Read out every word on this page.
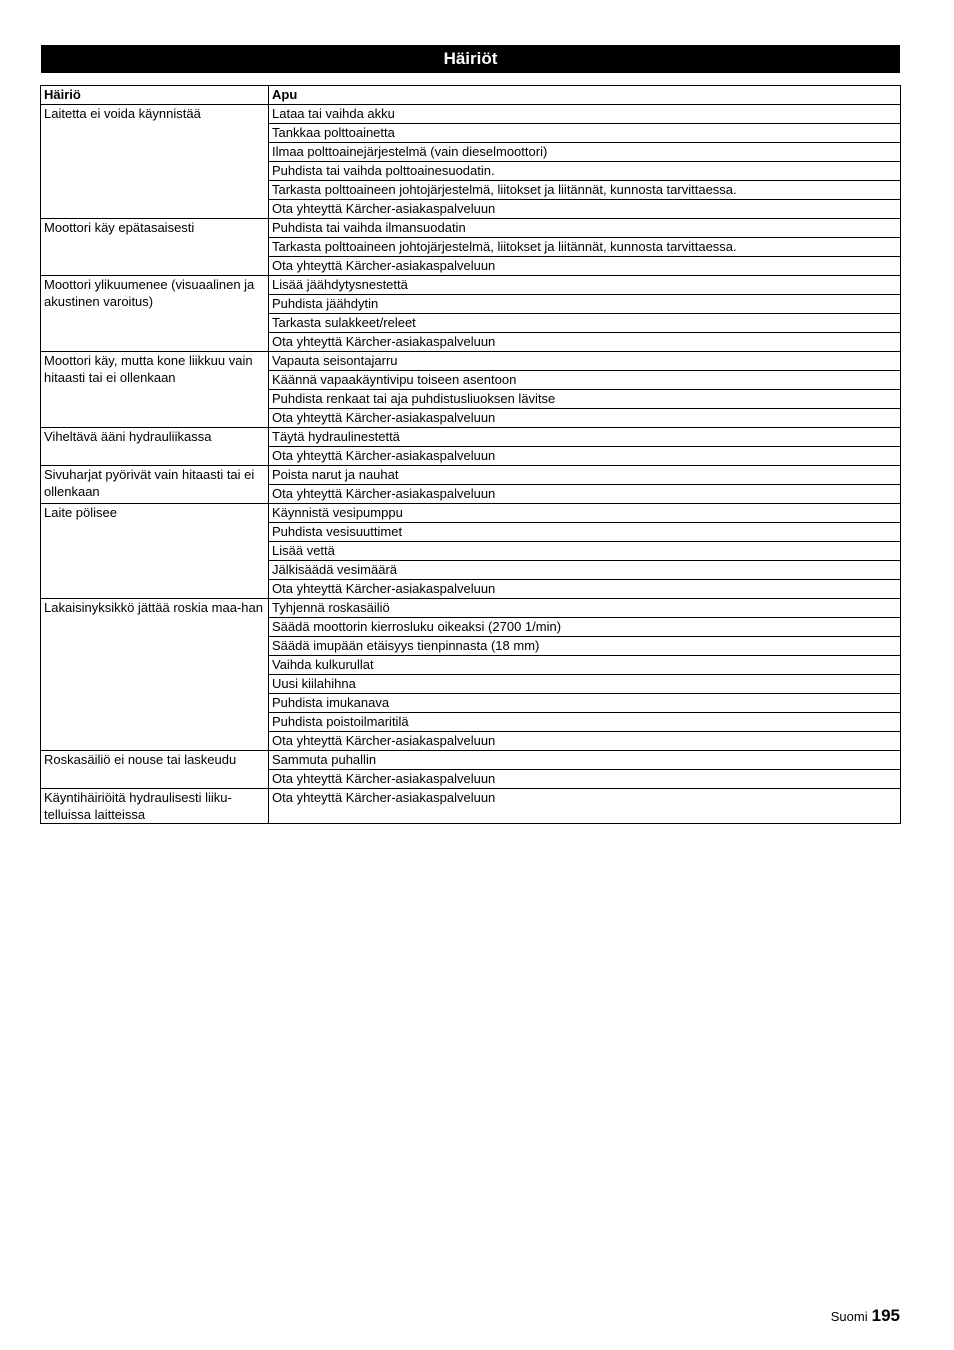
Häiriöt
Häiriö	Apu
Laitetta ei voida käynnistää	Lataa tai vaihda akku
	Tankkaa polttoainetta
	Ilmaa polttoainejärjestelmä (vain dieselmoottori)
	Puhdista tai vaihda polttoainesuodatin.
	Tarkasta polttoaineen johtojärjestelmä, liitokset ja liitännät, kunnosta tarvittaessa.
	Ota yhteyttä Kärcher-asiakaspalveluun
Moottori käy epätasaisesti	Puhdista tai vaihda ilmansuodatin
	Tarkasta polttoaineen johtojärjestelmä, liitokset ja liitännät, kunnosta tarvittaessa.
	Ota yhteyttä Kärcher-asiakaspalveluun
Moottori ylikuumenee (visuaalinen ja akustinen varoitus)	Lisää jäähdytysnestettä
	Puhdista jäähdytin
	Tarkasta sulakkeet/releet
	Ota yhteyttä Kärcher-asiakaspalveluun
Moottori käy, mutta kone liikkuu vain hitaasti tai ei ollenkaan	Vapauta seisontajarru
	Käännä vapaakäyntivipu toiseen asentoon
	Puhdista renkaat tai aja puhdistusliuoksen lävitse
	Ota yhteyttä Kärcher-asiakaspalveluun
Viheltävä ääni hydrauliikassa	Täytä hydraulinestettä
	Ota yhteyttä Kärcher-asiakaspalveluun
Sivuharjat pyörivät vain hitaasti tai ei ollenkaan	Poista narut ja nauhat
	Ota yhteyttä Kärcher-asiakaspalveluun
Laite pölisee	Käynnistä vesipumppu
	Puhdista vesisuuttimet
	Lisää vettä
	Jälkisäädä vesimäärä
	Ota yhteyttä Kärcher-asiakaspalveluun
Lakaisinyksikkö jättää roskia maa-han	Tyhjennä roskasäiliö
	Säädä moottorin kierrosluku oikeaksi (2700 1/min)
	Säädä imupään etäisyys tienpinnasta (18 mm)
	Vaihda kulkurullat
	Uusi kiilahihna
	Puhdista imukanava
	Puhdista poistoilmaritilä
	Ota yhteyttä Kärcher-asiakaspalveluun
Roskasäiliö ei nouse tai laskeudu	Sammuta puhallin
	Ota yhteyttä Kärcher-asiakaspalveluun
Käyntihäiriöitä hydraulisesti liiku-telluissa laitteissa	Ota yhteyttä Kärcher-asiakaspalveluun
Suomi 195
